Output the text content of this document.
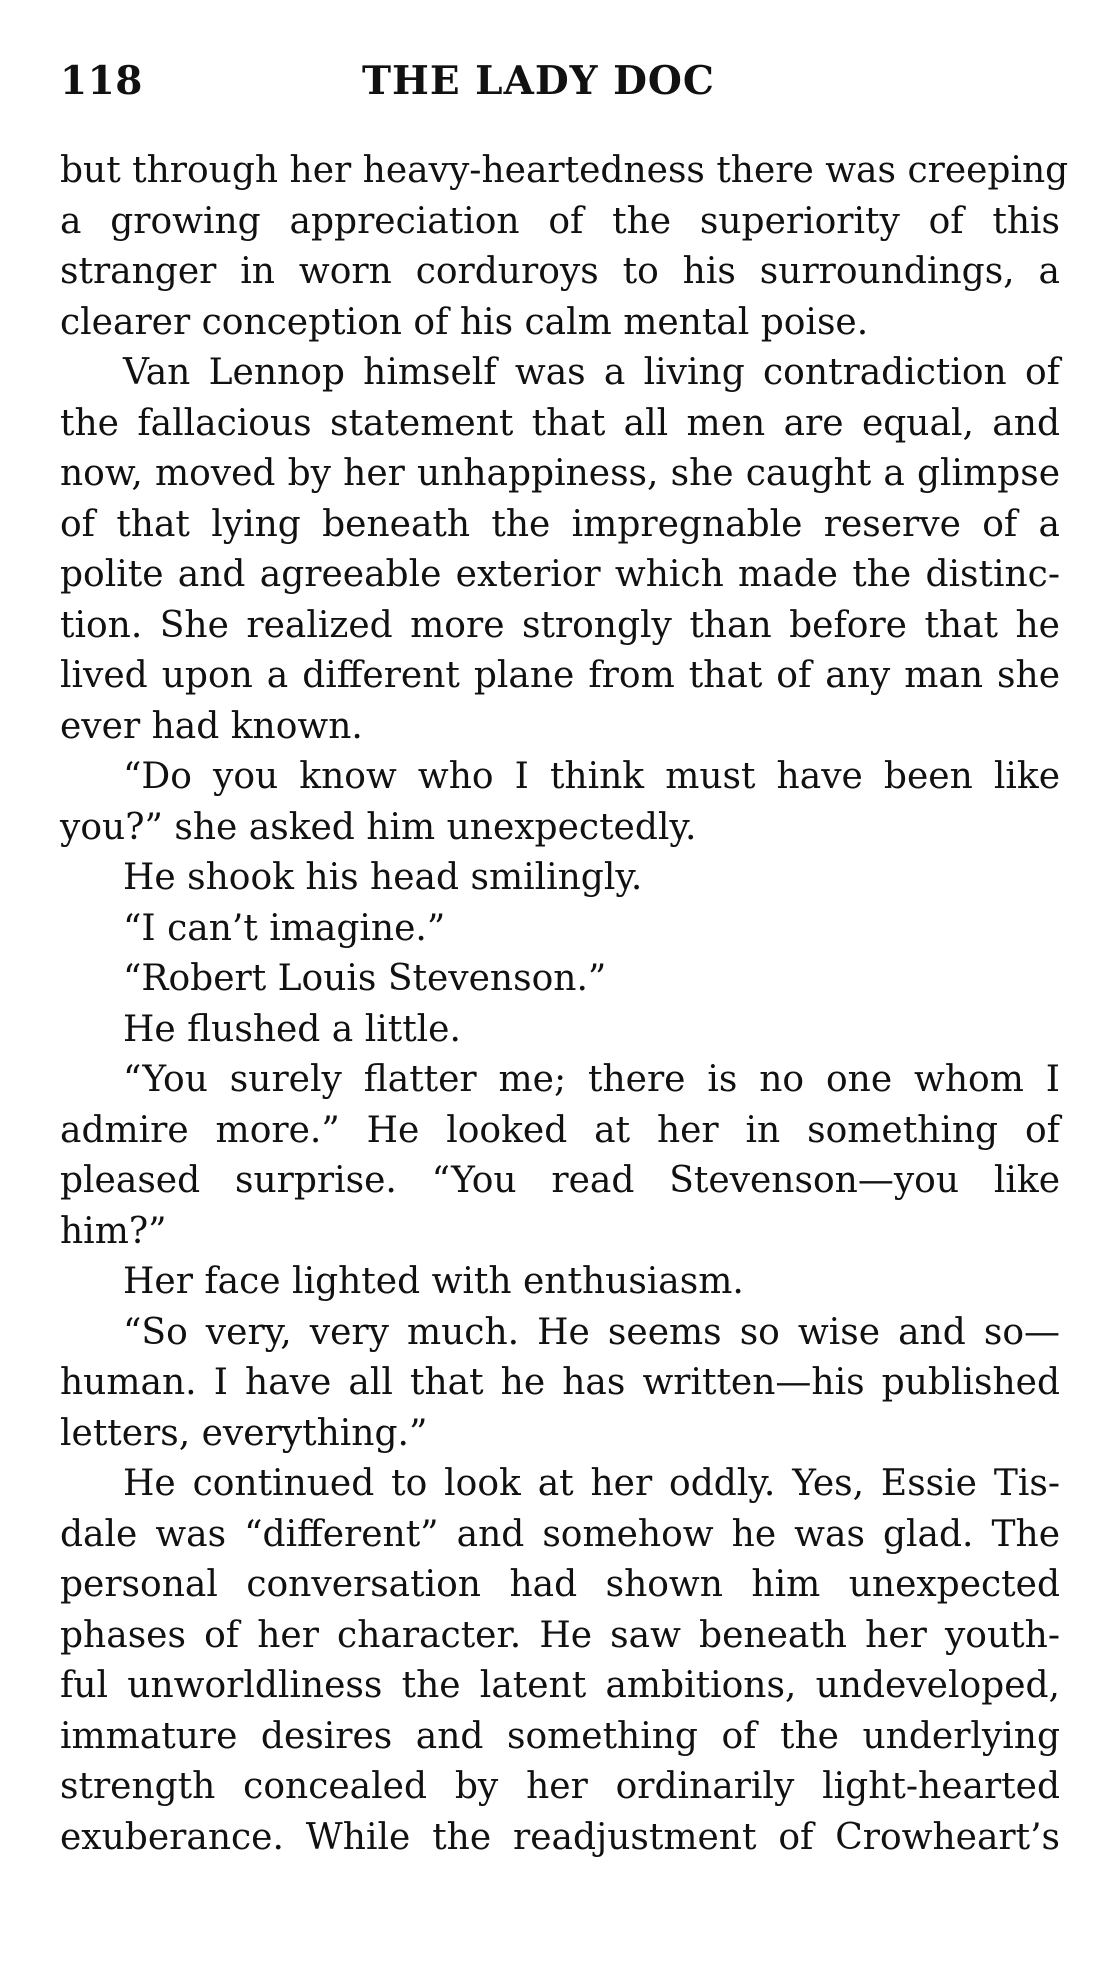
118	THE LADY DOC
but through her heavy-heartedness there was creeping
a growing appreciation of the superiority of this
stranger in worn corduroys to his surroundings, a
clearer conception of his calm mental poise.
Van Lennop himself was a living contradiction of
the fallacious statement that all men are equal, and
now, moved by her unhappiness, she caught a glimpse
of that lying beneath the impregnable reserve of a
polite and agreeable exterior which made the distinc-
tion. She realized more strongly than before that he
lived upon a different plane from that of any man she
ever had known.
“Do you know who I think must have been like
you?” she asked him unexpectedly.
He shook his head smilingly.
“I can’t imagine.”
“Robert Louis Stevenson.”
He flushed a little.
“You surely flatter me; there is no one whom I
admire more.” He looked at her in something of
pleased surprise. “You read Stevenson—you like
him?”
Her face lighted with enthusiasm.
“So very, very much. He seems so wise and so—
human. I have all that he has written—his published
letters, everything.”
He continued to look at her oddly. Yes, Essie Tis-
dale was “different” and somehow he was glad. The
personal conversation had shown him unexpected
phases of her character. He saw beneath her youth-
ful unworldliness the latent ambitions, undeveloped,
immature desires and something of the underlying
strength concealed by her ordinarily light-hearted
exuberance. While the readjustment of Crowheart’s
